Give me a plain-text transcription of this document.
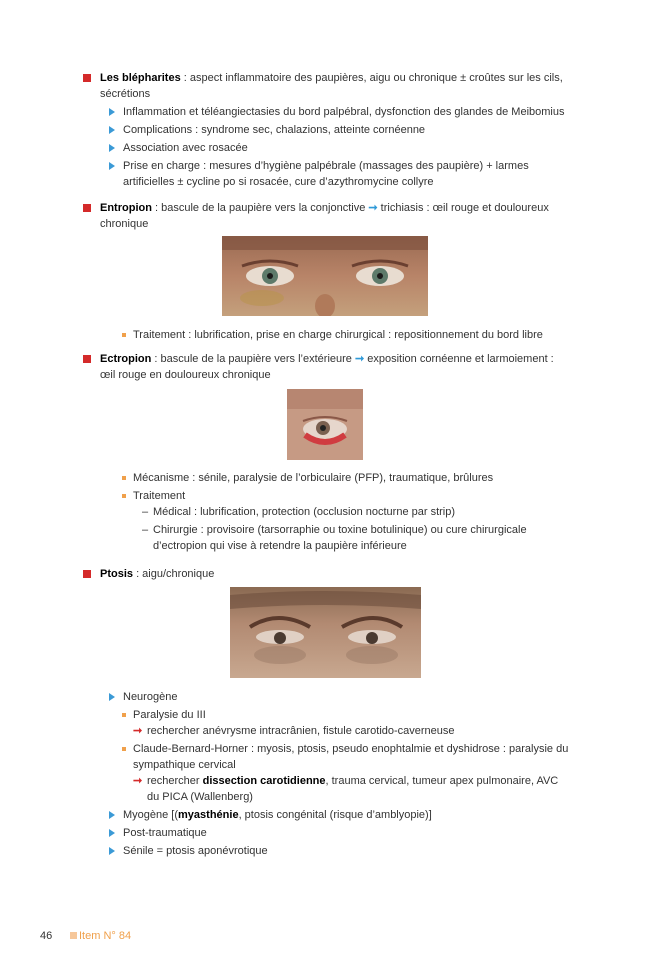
Les blépharites : aspect inflammatoire des paupières, aigu ou chronique ± croûtes sur les cils, sécrétions
Inflammation et téléangiectasies du bord palpébral, dysfonction des glandes de Meibomius
Complications : syndrome sec, chalazions, atteinte cornéenne
Association avec rosacée
Prise en charge : mesures d’hygiène palpébrale (massages des paupière) + larmes artificielles ± cycline po si rosacée, cure d’azythromycine collyre
Entropion : bascule de la paupière vers la conjonctive ➞ trichiasis : œil rouge et douloureux chronique
Traitement : lubrification, prise en charge chirurgical : repositionnement du bord libre
Ectropion : bascule de la paupière vers l’extérieure ➞ exposition cornéenne et larmoiement : œil rouge en douloureux chronique
Mécanisme : sénile, paralysie de l’orbiculaire (PFP), traumatique, brûlures
Traitement
– Médical : lubrification, protection (occlusion nocturne par strip)
– Chirurgie : provisoire (tarsorraphie ou toxine botulinique) ou cure chirurgicale d’ectropion qui vise à retendre la paupière inférieure
Ptosis : aigu/chronique
Neurogène
Paralysie du III
➞ rechercher anévrysme intracrânien, fistule carotido-caverneuse
Claude-Bernard-Horner : myosis, ptosis, pseudo enophtalmie et dyshidrose : paralysie du sympathique cervical
➞ rechercher dissection carotidienne, trauma cervical, tumeur apex pulmonaire, AVC du PICA (Wallenberg)
Myogène [(myasthénie, ptosis congénital (risque d’amblyopie)]
Post-traumatique
Sénile = ptosis aponévrotique
46 Item N° 84
